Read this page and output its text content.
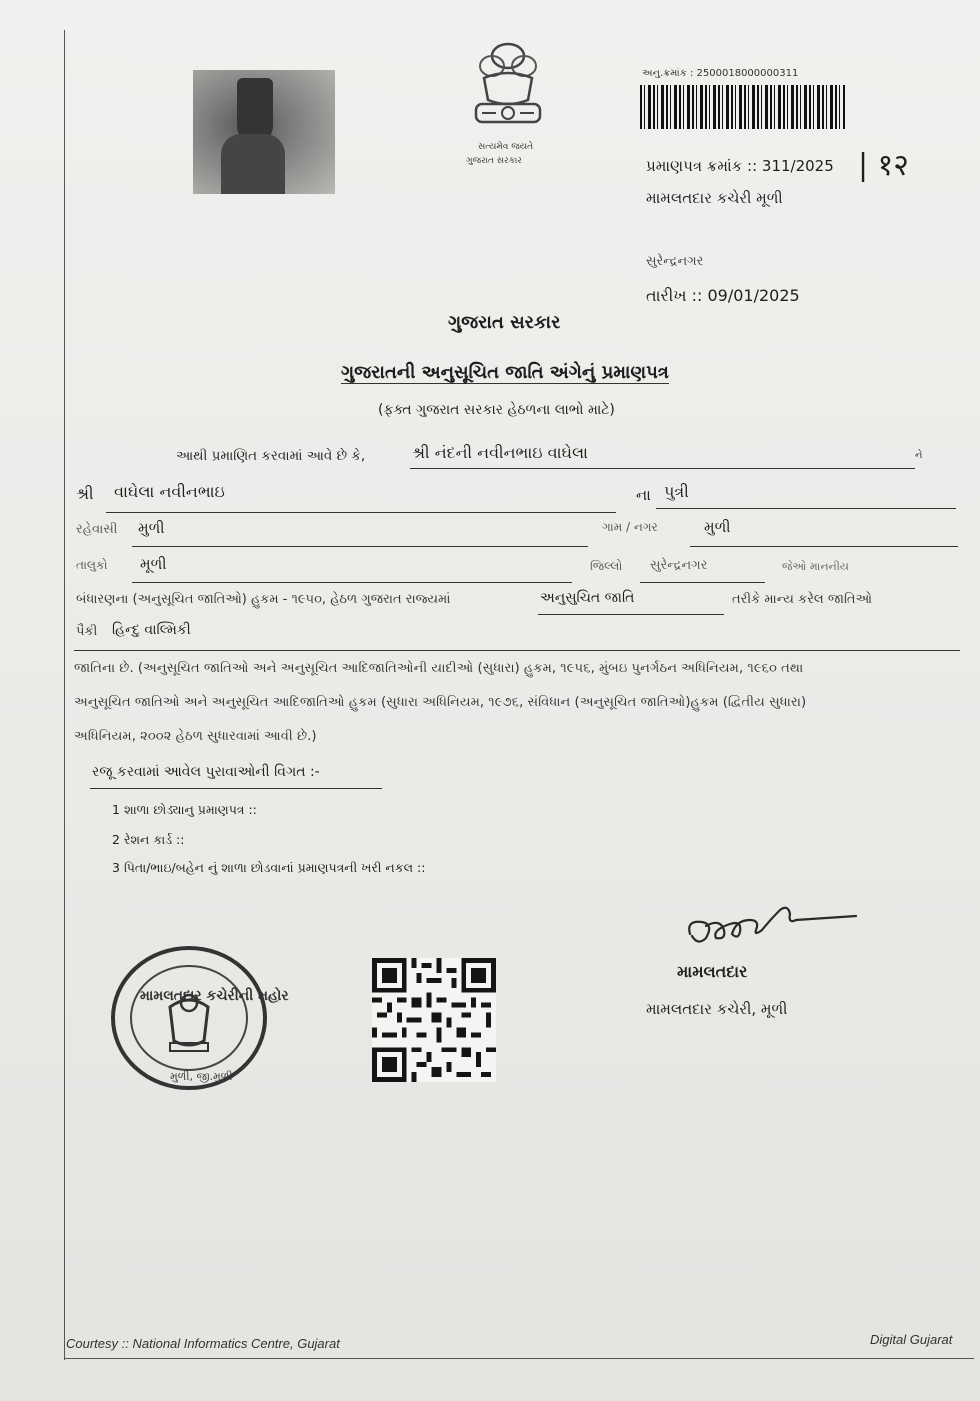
સત્યમેવ જયતે
ગુજરાત સરકાર
અનુ.ક્રમાંક : 2500018000000311
પ્રમાણપત્ર ક્રમાંક :: 311/2025 | १२
મામલતદાર કચેરી મૂળી
સુરેન્દ્રનગર
તારીખ :: 09/01/2025
ગુજરાત સરકાર
ગુજરાતની અનુસૂચિત જાતિ અંગેનું પ્રમાણપત્ર
(ફક્ત ગુજરાત સરકાર હેઠળના લાભો માટે)
આથી પ્રમાણિત કરવામાં આવે છે કે,	શ્રી નંદની નવીનભાઇ વાઘેલા	ને
શ્રી વાઘેલા નવીનભાઇ	ના પુત્રી
રહેવાસી મુળી	ગામ / નગર	મુળી
તાલુકો મૂળી	જિલ્લો સુરેન્દ્રનગર	જેઓ માનનીય
બંધારણના (અનુસૂચિત જાતિઓ) હુકમ - ૧૯૫૦, હેઠળ ગુજરાત રાજ્યમાં	અનુસુચિત જાતિ	તરીકે માન્ય કરેલ જાતિઓ
પૈકી હિન્દુ વાલ્મિકી
જાતિના છે. (અનુસૂચિત જાતિઓ અને અનુસૂચિત આદિજાતિઓની યાદીઓ (સુધારા) હુકમ, ૧૯૫૬, મુંબઇ પુનર્ગઠન અધિનિયમ, ૧૯૬૦ તથા
અનુસૂચિત જાતિઓ અને અનુસૂચિત આદિજાતિઓ હુકમ (સુધારા અધિનિયમ, ૧૯૭૬, સંવિધાન (અનુસૂચિત જાતિઓ)હુકમ (દ્વિતીય સુધારા)
અધિનિયમ, ૨૦૦૨ હેઠળ સુધારવામાં આવી છે.)
રજૂ કરવામાં આવેલ પુરાવાઓની વિગત :-
1 શાળા છોડ્યાનુ પ્રમાણપત્ર ::
2 રેશન કાર્ડ ::
3 પિતા/ભાઇ/બહેન નું શાળા છોડવાનાં પ્રમાણપત્રની ખરી નકલ ::
મામલતદાર
મામલતદાર કચેરી, મૂળી
મામલતદાર કચેરીની મહોર
મુળી, જી.મુળી
Courtesy :: National Informatics Centre, Gujarat	Digital Gujarat
